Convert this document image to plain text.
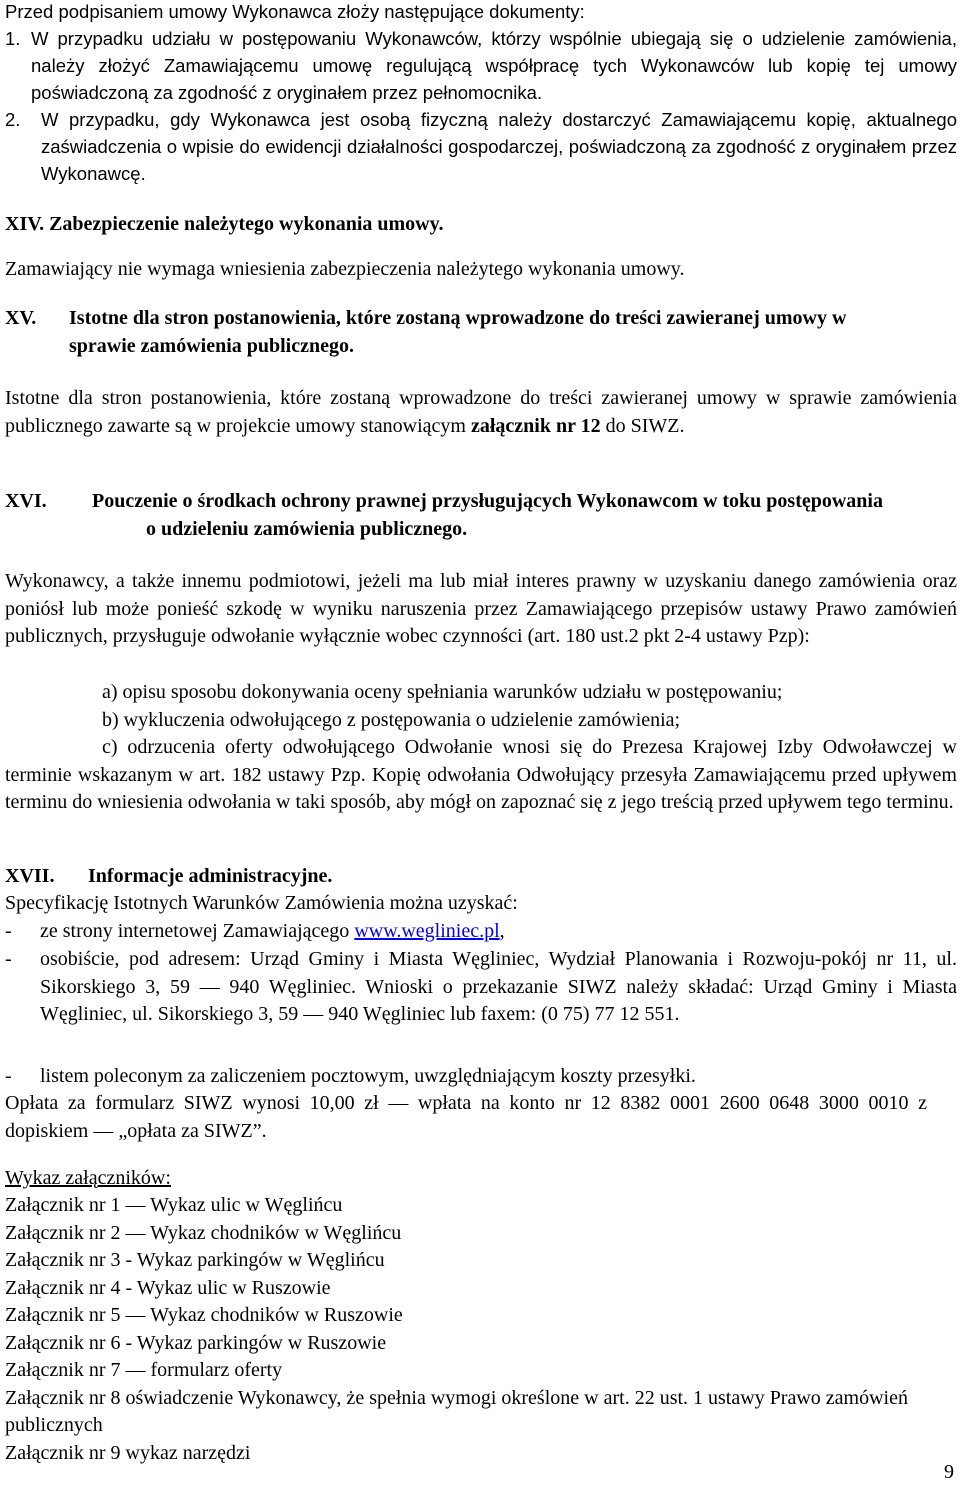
Przed podpisaniem umowy Wykonawca złoży następujące dokumenty:

1. W przypadku udziału w postępowaniu Wykonawców, którzy wspólnie ubiegają się o udzielenie zamówienia, należy złożyć Zamawiającemu umowę regulującą współpracę tych Wykonawców lub kopię tej umowy poświadczoną za zgodność z oryginałem przez pełnomocnika.
2.	W przypadku, gdy Wykonawca jest osobą fizyczną należy dostarczyć Zamawiającemu kopię, aktualnego zaświadczenia o wpisie do ewidencji działalności gospodarczej, poświadczoną za zgodność z oryginałem przez Wykonawcę.
XIV. Zabezpieczenie należytego wykonania umowy.
Zamawiający nie wymaga wniesienia zabezpieczenia należytego wykonania umowy.
XV.	Istotne dla stron postanowienia, które zostaną wprowadzone do treści zawieranej umowy w sprawie zamówienia publicznego.
Istotne dla stron postanowienia, które zostaną wprowadzone do treści zawieranej umowy w sprawie zamówienia publicznego zawarte są w projekcie umowy stanowiącym załącznik nr 12 do SIWZ.
XVI.	Pouczenie o środkach ochrony prawnej przysługujących Wykonawcom w toku postępowania o udzieleniu zamówienia publicznego.
Wykonawcy, a także innemu podmiotowi, jeżeli ma lub miał interes prawny w uzyskaniu danego zamówienia oraz poniósł lub może ponieść szkodę w wyniku naruszenia przez Zamawiającego przepisów ustawy Prawo zamówień publicznych, przysługuje odwołanie wyłącznie wobec czynności (art. 180 ust.2 pkt 2-4 ustawy Pzp):
a) opisu sposobu dokonywania oceny spełniania warunków udziału w postępowaniu;
b) wykluczenia odwołującego z postępowania o udzielenie zamówienia;
c) odrzucenia oferty odwołującego Odwołanie wnosi się do Prezesa Krajowej Izby Odwoławczej w terminie wskazanym w art. 182 ustawy Pzp. Kopię odwołania Odwołujący przesyła Zamawiającemu przed upływem terminu do wniesienia odwołania w taki sposób, aby mógł on zapoznać się z jego treścią przed upływem tego terminu.
XVII. Informacje administracyjne.
Specyfikację Istotnych Warunków Zamówienia można uzyskać:
-	ze strony internetowej Zamawiającego www.wegliniec.pl,
-	osobiście, pod adresem: Urząd Gminy i Miasta Węgliniec, Wydział Planowania i Rozwoju-pokój nr 11, ul. Sikorskiego 3, 59 — 940 Węgliniec. Wnioski o przekazanie SIWZ należy składać: Urząd Gminy i Miasta Węgliniec, ul. Sikorskiego 3, 59 — 940 Węgliniec lub faxem: (0 75) 77 12 551.
-	listem poleconym za zaliczeniem pocztowym, uwzględniającym koszty przesyłki.
Opłata za formularz SIWZ wynosi 10,00 zł — wpłata na konto nr 12 8382 0001 2600 0648 3000 0010 z dopiskiem — „opłata za SIWZ”.
Wykaz załączników:

Załącznik nr 1 — Wykaz ulic w Węglińcu

Załącznik nr 2 — Wykaz chodników w Węglińcu

Załącznik nr 3 - Wykaz parkingów w Węglińcu

Załącznik nr 4 - Wykaz ulic w Ruszowie

Załącznik nr 5 — Wykaz chodników w Ruszowie

Załącznik nr 6 - Wykaz parkingów w Ruszowie

Załącznik nr 7 — formularz oferty

Załącznik nr 8 oświadczenie Wykonawcy, że spełnia wymogi określone w art. 22 ust. 1 ustawy Prawo zamówień publicznych

Załącznik nr 9 wykaz narzędzi

9
